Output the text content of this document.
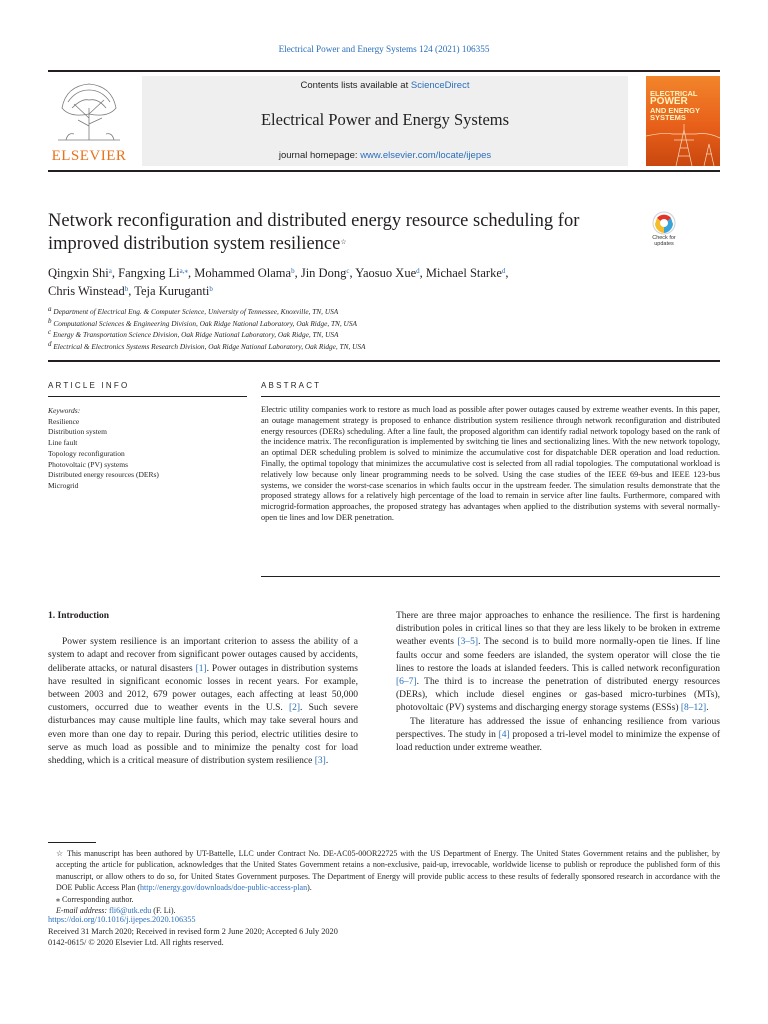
Electrical Power and Energy Systems 124 (2021) 106355
ELSEVIER
Contents lists available at ScienceDirect
Electrical Power and Energy Systems
journal homepage: www.elsevier.com/locate/ijepes
ELECTRICAL
POWER
AND ENERGY
SYSTEMS
Network reconfiguration and distributed energy resource scheduling for improved distribution system resilience☆	Check for
updates
Qingxin Shi$^a$, Fangxing $Li^{a,⁎}$, Mohammed Olama$^b$, Jin Dong$^c$, Yaosuo Xue$^d$, Michael Starke$^d$,
Chris Winstead$^b$, Teja Kuruganti$^b$
$^a$ Department of Electrical Eng. & Computer Science, University of Tennessee, Knoxville, TN, USA
$^b$ Computational Sciences & Engineering Division, Oak Ridge National Laboratory, Oak Ridge, TN, USA
$^c$ Energy & Transportation Science Division, Oak Ridge National Laboratory, Oak Ridge, TN, USA
$^d$ Electrical & Electronics Systems Research Division, Oak Ridge National Laboratory, Oak Ridge, TN, USA
ARTICLE INFO	ABSTRACT
Keywords:
Resilience
Distribution system
Line fault
Topology reconfiguration
Photovoltaic (PV) systems
Distributed energy resources (DERs)
Microgrid
Electric utility companies work to restore as much load as possible after power outages caused by extreme weather events. In this paper, an outage management strategy is proposed to enhance distribution system resilience through network reconfiguration and distributed energy resources (DERs) scheduling. After a line fault, the proposed algorithm can identify radial network topology based on the rank of the incidence matrix. The reconfiguration is implemented by switching tie lines and sectionalizing lines. With the new network topology, an optimal DER scheduling problem is solved to minimize the accumulative cost for dispatchable DER operation and load reduction. Finally, the optimal topology that minimizes the accumulative cost is selected from all radial topologies. The computational workload is relatively low because only linear programming needs to be solved. Using the case studies of the IEEE 69-bus and IEEE 123-bus systems, we consider the worst-case scenarios in which faults occur in the upstream feeder. The simulation results demonstrate that the proposed strategy allows for a relatively high percentage of the load to remain in service after line faults. Furthermore, compared with microgrid-formation approaches, the proposed strategy has advantages when applied to the distribution systems with several normally-open tie lines and low DER penetration.
1. Introduction

Power system resilience is an important criterion to assess the ability of a system to adapt and recover from significant power outages caused by accidents, deliberate attacks, or natural disasters [1]. Power outages in distribution systems have resulted in significant economic losses in recent years. For example, between 2003 and 2012, 679 power outages, each affecting at least 50,000 customers, occurred due to weather events in the U.S. [2]. Such severe disturbances may cause multiple line faults, which may take several hours and even more than one day to repair. During this period, electric utilities desire to serve as much load as possible and to minimize the penalty cost for load shedding, which is a critical measure of distribution system resilience [3].

There are three major approaches to enhance the resilience. The first is hardening distribution poles in critical lines so that they are less likely to be broken in extreme weather events [3–5]. The second is to build more normally-open tie lines. If line faults occur and some feeders are islanded, the system operator will close the tie lines to restore the loads at islanded feeders. This is called network reconfiguration [6–7]. The third is to increase the penetration of distributed energy resources (DERs), which include diesel engines or gas-based micro-turbines (MTs), photovoltaic (PV) systems and discharging energy storage systems (ESSs) [8–12].

The literature has addressed the issue of enhancing resilience from various perspectives. The study in [4] proposed a tri-level model to minimize the expense of load reduction under extreme weather.

☆ This manuscript has been authored by UT-Battelle, LLC under Contract No. DE-AC05-00OR22725 with the US Department of Energy. The United States Government retains and the publisher, by accepting the article for publication, acknowledges that the United States Government retains a non-exclusive, paid-up, irrevocable, worldwide license to publish or reproduce the published form of this manuscript, or allow others to do so, for United States Government purposes. The Department of Energy will provide public access to these results of federally sponsored research in accordance with the DOE Public Access Plan (http://energy.gov/downloads/doe-public-access-plan).
⁎ Corresponding author.
E-mail address: fli6@utk.edu (F. Li).
https://doi.org/10.1016/j.ijepes.2020.106355
Received 31 March 2020; Received in revised form 2 June 2020; Accepted 6 July 2020
0142-0615/ © 2020 Elsevier Ltd. All rights reserved.
